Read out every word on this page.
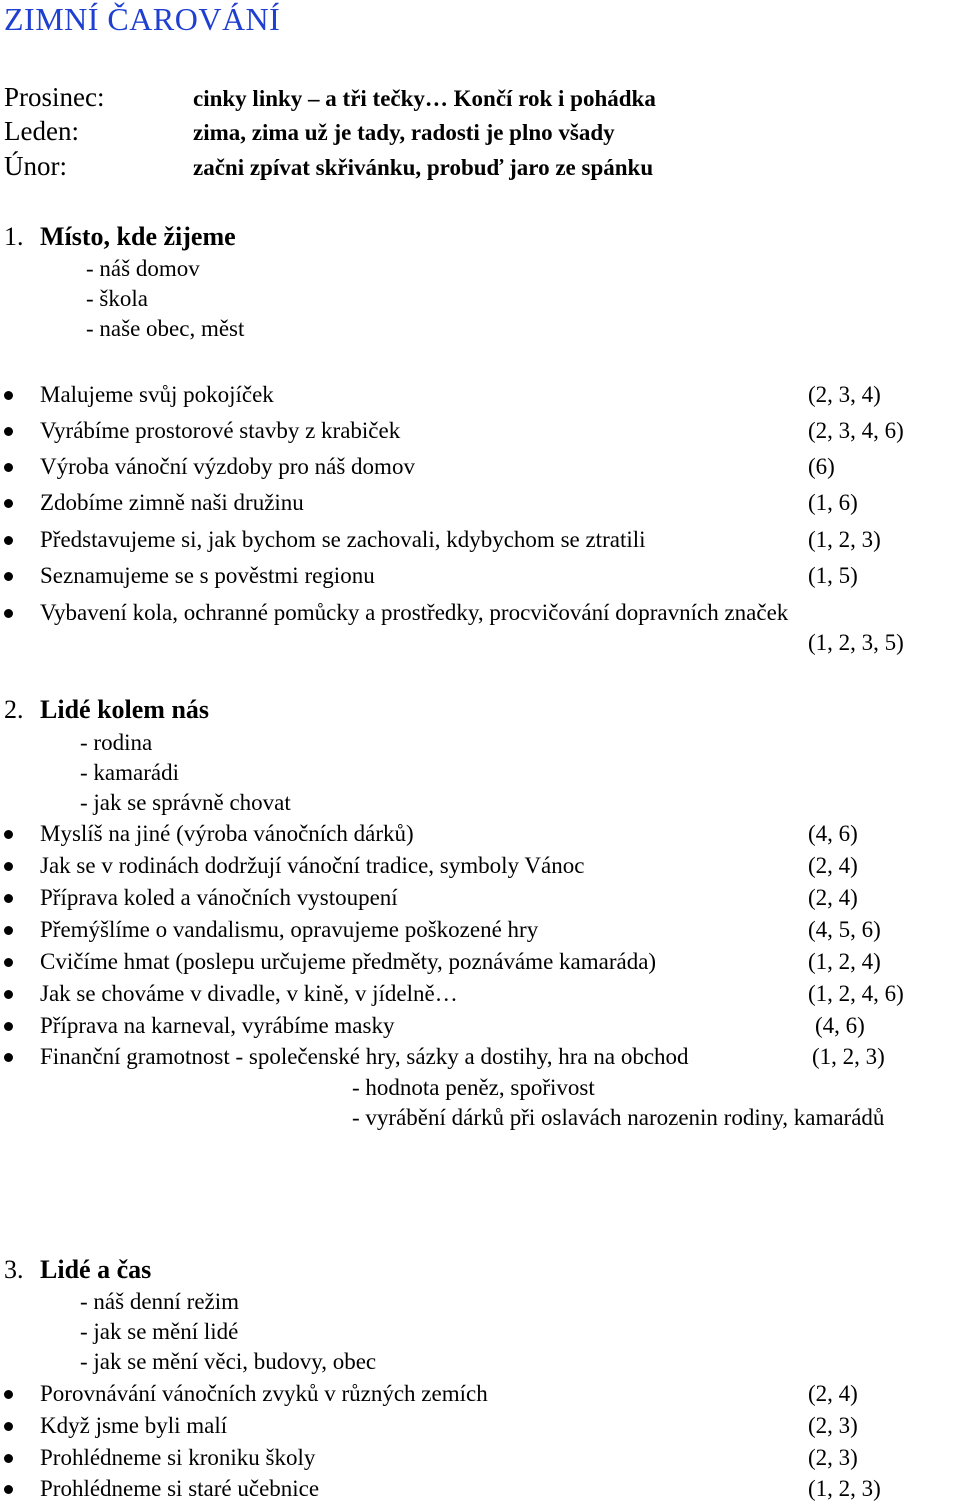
ZIMNÍ ČAROVÁNÍ
Prosinec:	cinky linky – a tři tečky… Končí rok i pohádka
Leden:	zima, zima už je tady, radosti je plno všady
Únor:	začni zpívat skřivánku, probuď jaro ze spánku
1. Místo, kde žijeme
- náš domov
- škola
- naše obec, měst
Malujeme svůj pokojíček	(2, 3, 4)
Vyrábíme prostorové stavby z krabiček	(2, 3, 4, 6)
Výroba vánoční výzdoby pro náš domov	(6)
Zdobíme zimně naši družinu	(1, 6)
Představujeme si, jak bychom se zachovali, kdybychom se ztratili	(1, 2, 3)
Seznamujeme se s pověstmi regionu	(1, 5)
Vybavení kola, ochranné pomůcky a prostředky, procvičování dopravních značek
(1, 2, 3, 5)
2. Lidé kolem nás
- rodina
- kamarádi
- jak se správně chovat
Myslíš na jiné (výroba vánočních dárků)	(4, 6)
Jak se v rodinách dodržují vánoční tradice, symboly Vánoc	(2, 4)
Příprava koled a vánočních vystoupení	(2, 4)
Přemýšlíme o vandalismu, opravujeme poškozené hry	(4, 5, 6)
Cvičíme hmat (poslepu určujeme předměty, poznáváme kamaráda)	(1, 2, 4)
Jak se chováme v divadle, v kině, v jídelně…	(1, 2, 4, 6)
Příprava na karneval, vyrábíme masky	(4, 6)
Finanční gramotnost - společenské hry, sázky a dostihy, hra na obchod	(1, 2, 3)
- hodnota peněz, spořivost
- vyrábění dárků při oslavách narozenin rodiny, kamarádů
3. Lidé a čas
- náš denní režim
- jak se mění lidé
- jak se mění věci, budovy, obec
Porovnávání vánočních zvyků v různých zemích	(2, 4)
Když jsme byli malí	(2, 3)
Prohlédneme si kroniku školy	(2, 3)
Prohlédneme si staré učebnice	(1, 2, 3)
